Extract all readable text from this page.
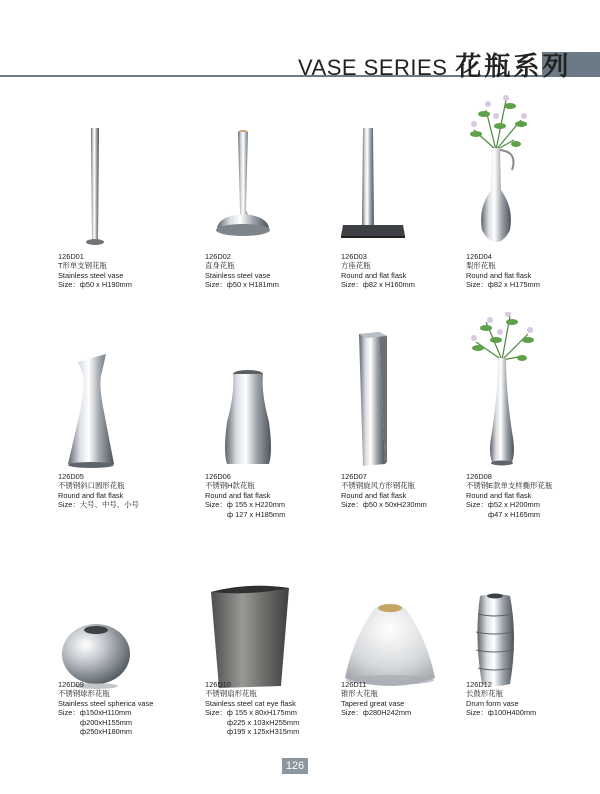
VASE SERIES 花瓶系列
126D01
T形单支钢花瓶
Stainless steel vase
Size：ф50 x H190mm
126D02
直身花瓶
Stainless steel vase
Size：ф50 x H181mm
126D03
方座花瓶
Round and flat flask
Size：ф82 x H160mm
126D04
梨形花瓶
Round and flat flask
Size：ф82 x H175mm
126D05
不锈钢斜口圆形花瓶
Round and flat flask
Size：大号、中号、小号
126D06
不锈钢H款花瓶
Round and flat flask
Size：ф 155 x H220mm
ф 127 x H185mm
126D07
不锈钢旋风方形钢花瓶
Round and flat flask
Size：ф50 x 50xH230mm
126D08
不锈钢E款单支样椭形花瓶
Round and flat flask
Size：ф52 x H200mm
ф47 x H165mm
126D09
不锈钢球形花瓶
Stainless steel spherica vase
Size：ф150xH110mm
ф200xH155mm
ф250xH180mm
126D10
不锈钢扇形花瓶
Stainless steel cat eye flask
Size：ф 155 x 80xH175mm
ф225 x 103xH255mm
ф195 x 125xH315mm
126D11
锥形大花瓶
Tapered great vase
Size：ф280H242mm
126D12
长鼓形花瓶
Drum form vase
Size：ф100H400mm
126
